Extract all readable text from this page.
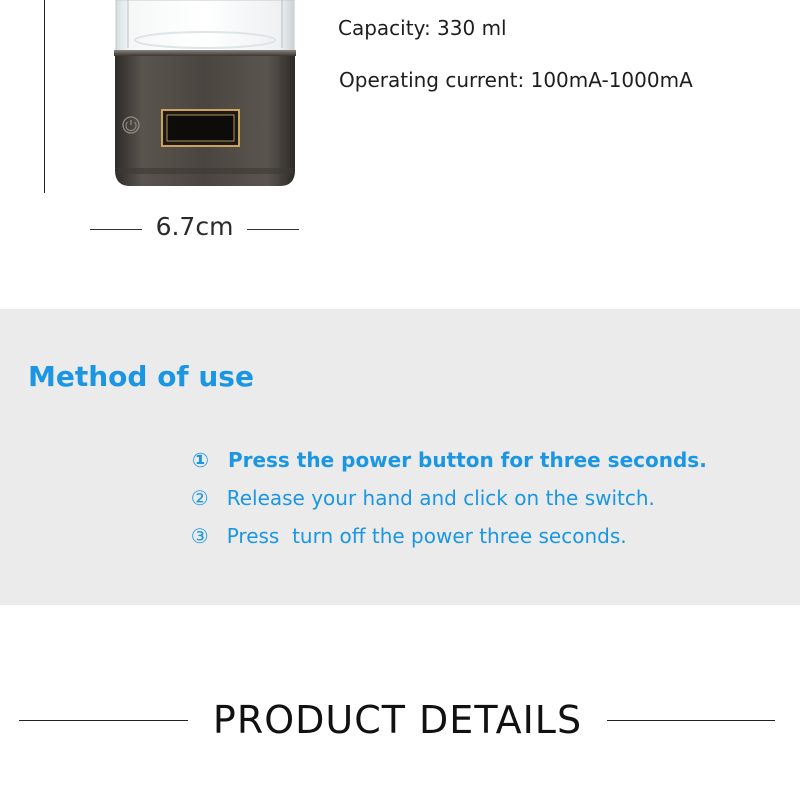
6.7cm
Capacity: 330 ml
Operating current: 100mA-1000mA
Method of use

① Press the power button for three seconds.

② Release your hand and click on the switch.

③ Press  turn off the power three seconds.

PRODUCT DETAILS
